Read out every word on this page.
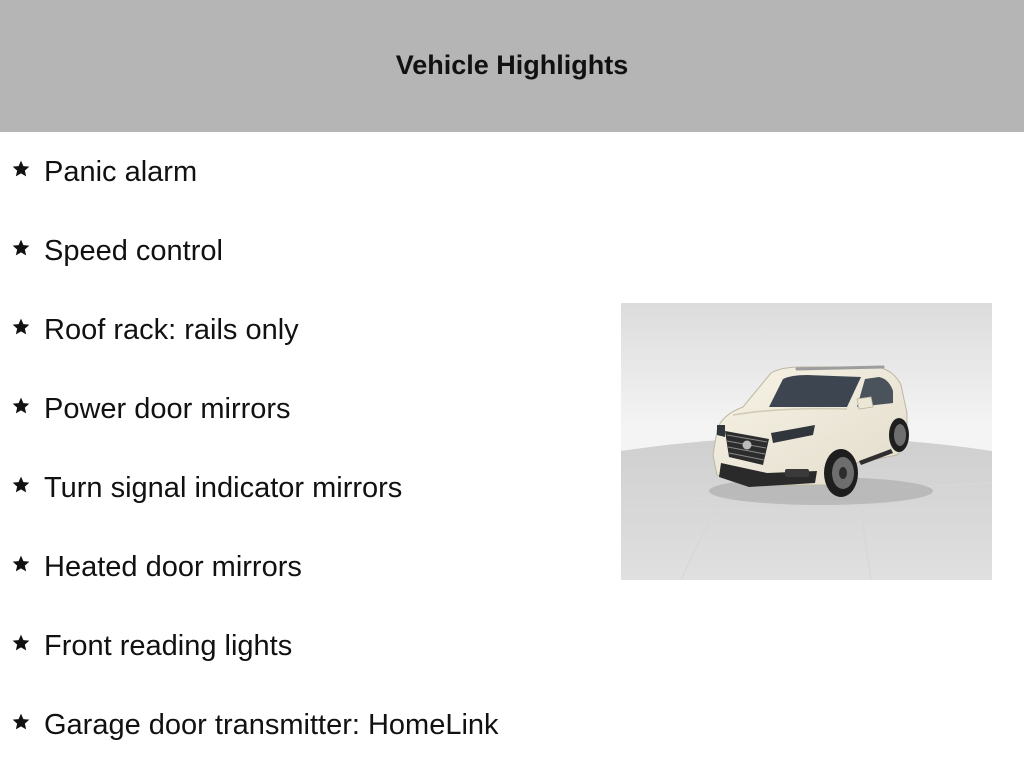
Vehicle Highlights
Panic alarm
Speed control
Roof rack: rails only
Power door mirrors
Turn signal indicator mirrors
Heated door mirrors
Front reading lights
Garage door transmitter: HomeLink
